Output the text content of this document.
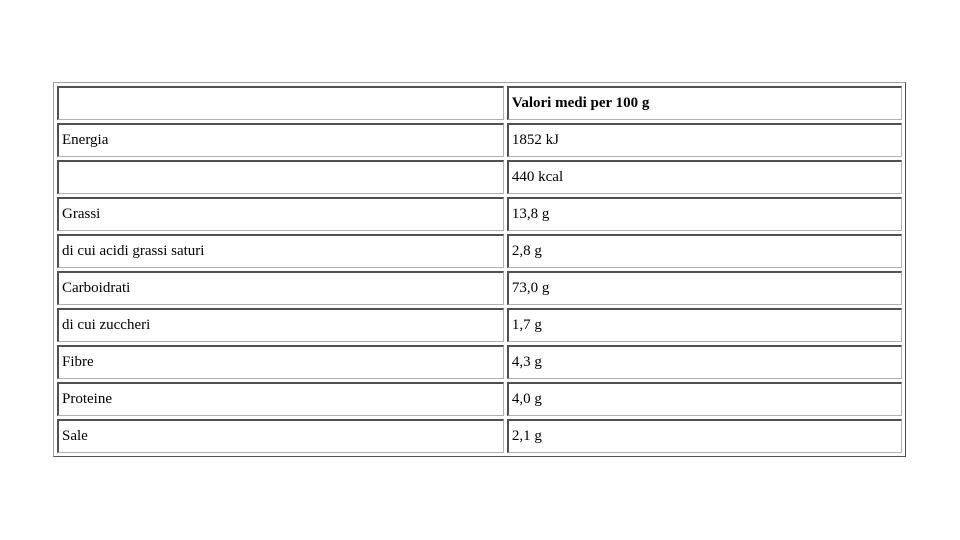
	Valori medi per 100 g
Energia	1852 kJ
	440 kcal
Grassi	13,8 g
di cui acidi grassi saturi	2,8 g
Carboidrati	73,0 g
di cui zuccheri	1,7 g
Fibre	4,3 g
Proteine	4,0 g
Sale	2,1 g
